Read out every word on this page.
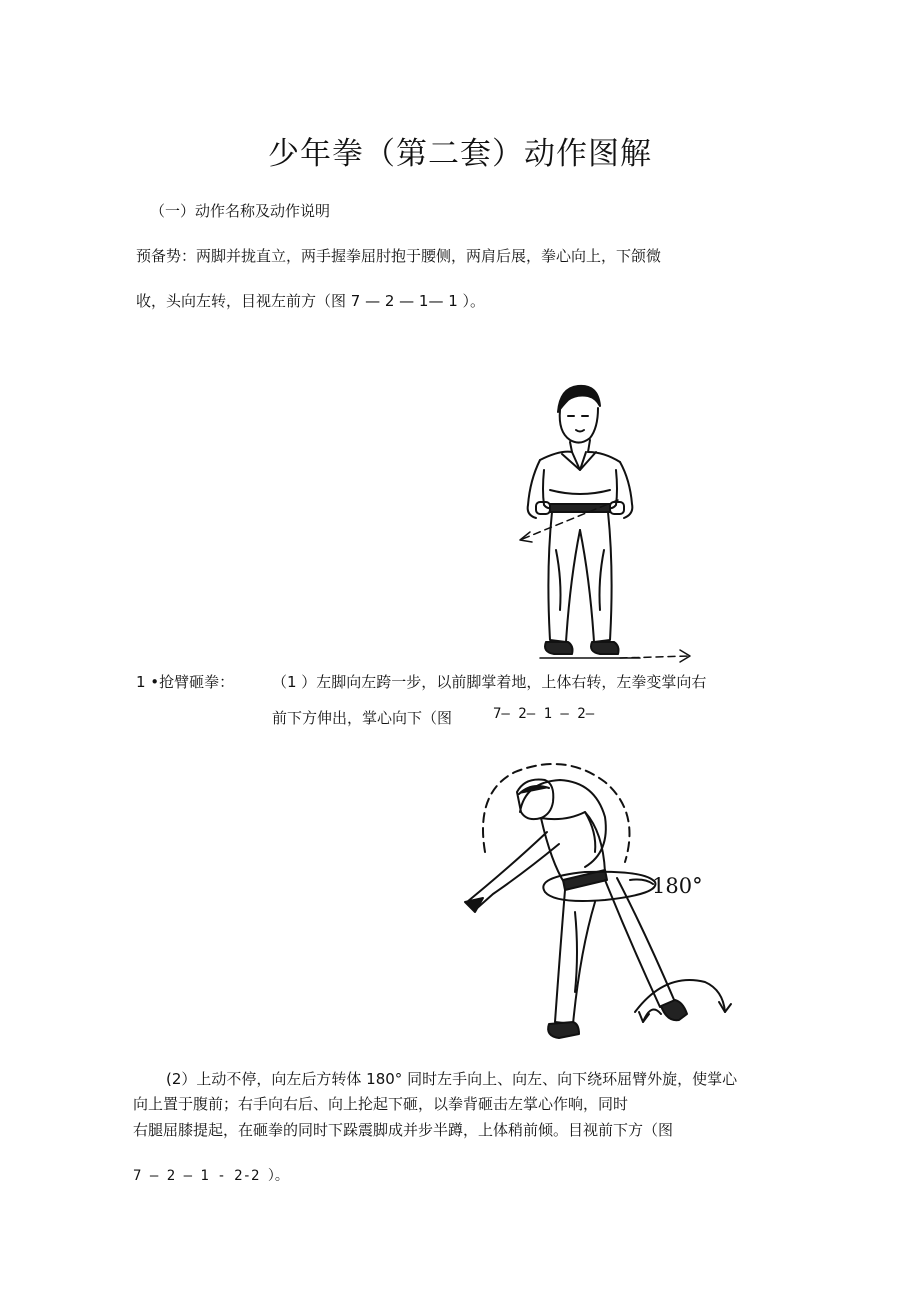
少年拳（第二套）动作图解
（一）动作名称及动作说明
预备势：两脚并拢直立，两手握拳屈肘抱于腰侧，两肩后展，拳心向上，下颌微
收，头向左转，目视左前方（图 7 — 2 — 1— 1 ）。
1 •抢臂砸拳：	（1 ）左脚向左跨一步，以前脚掌着地，上体右转，左拳变掌向右
前下方伸出，掌心向下（图	7— 2— 1 — 2—
180°
(2）上动不停，向左后方转体 180° 同时左手向上、向左、向下绕环屈臂外旋，使掌心
向上置于腹前；右手向右后、向上抡起下砸，以拳背砸击左掌心作响，同时
右腿屈膝提起，在砸拳的同时下跺震脚成并步半蹲，上体稍前倾。目视前下方（图
7 — 2 — 1 - 2-2 ）。
